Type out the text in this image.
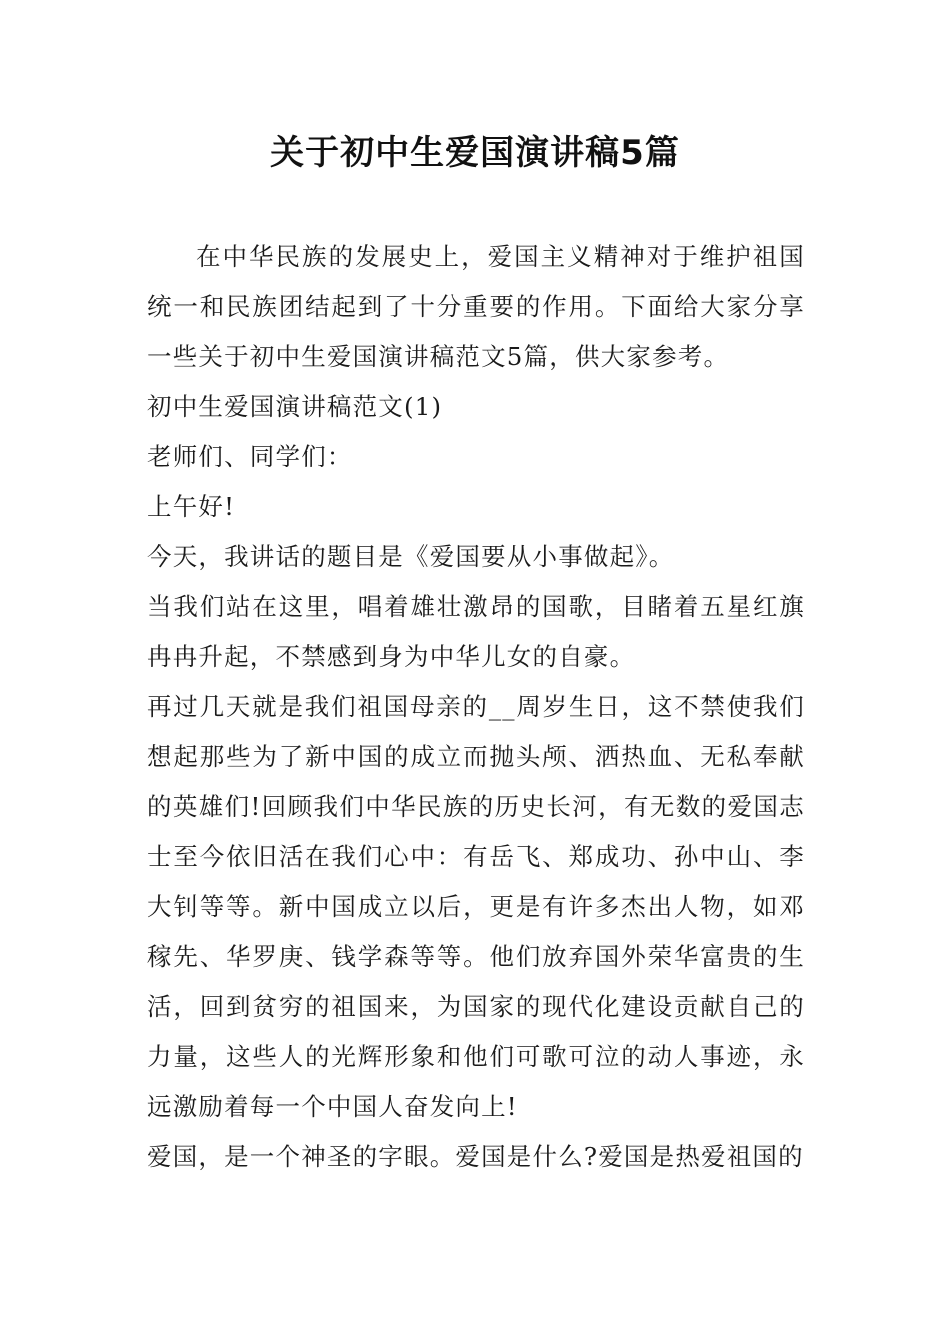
关于初中生爱国演讲稿5篇

在中华民族的发展史上，爱国主义精神对于维护祖国统一和民族团结起到了十分重要的作用。下面给大家分享一些关于初中生爱国演讲稿范文5篇，供大家参考。

初中生爱国演讲稿范文(1)

老师们、同学们：

上午好!

今天，我讲话的题目是《爱国要从小事做起》。

当我们站在这里，唱着雄壮激昂的国歌，目睹着五星红旗冉冉升起，不禁感到身为中华儿女的自豪。

再过几天就是我们祖国母亲的__周岁生日，这不禁使我们想起那些为了新中国的成立而抛头颅、洒热血、无私奉献的英雄们!回顾我们中华民族的历史长河，有无数的爱国志士至今依旧活在我们心中：有岳飞、郑成功、孙中山、李大钊等等。新中国成立以后，更是有许多杰出人物，如邓稼先、华罗庚、钱学森等等。他们放弃国外荣华富贵的生活，回到贫穷的祖国来，为国家的现代化建设贡献自己的力量，这些人的光辉形象和他们可歌可泣的动人事迹，永远激励着每一个中国人奋发向上!

爱国，是一个神圣的字眼。爱国是什么?爱国是热爱祖国的
